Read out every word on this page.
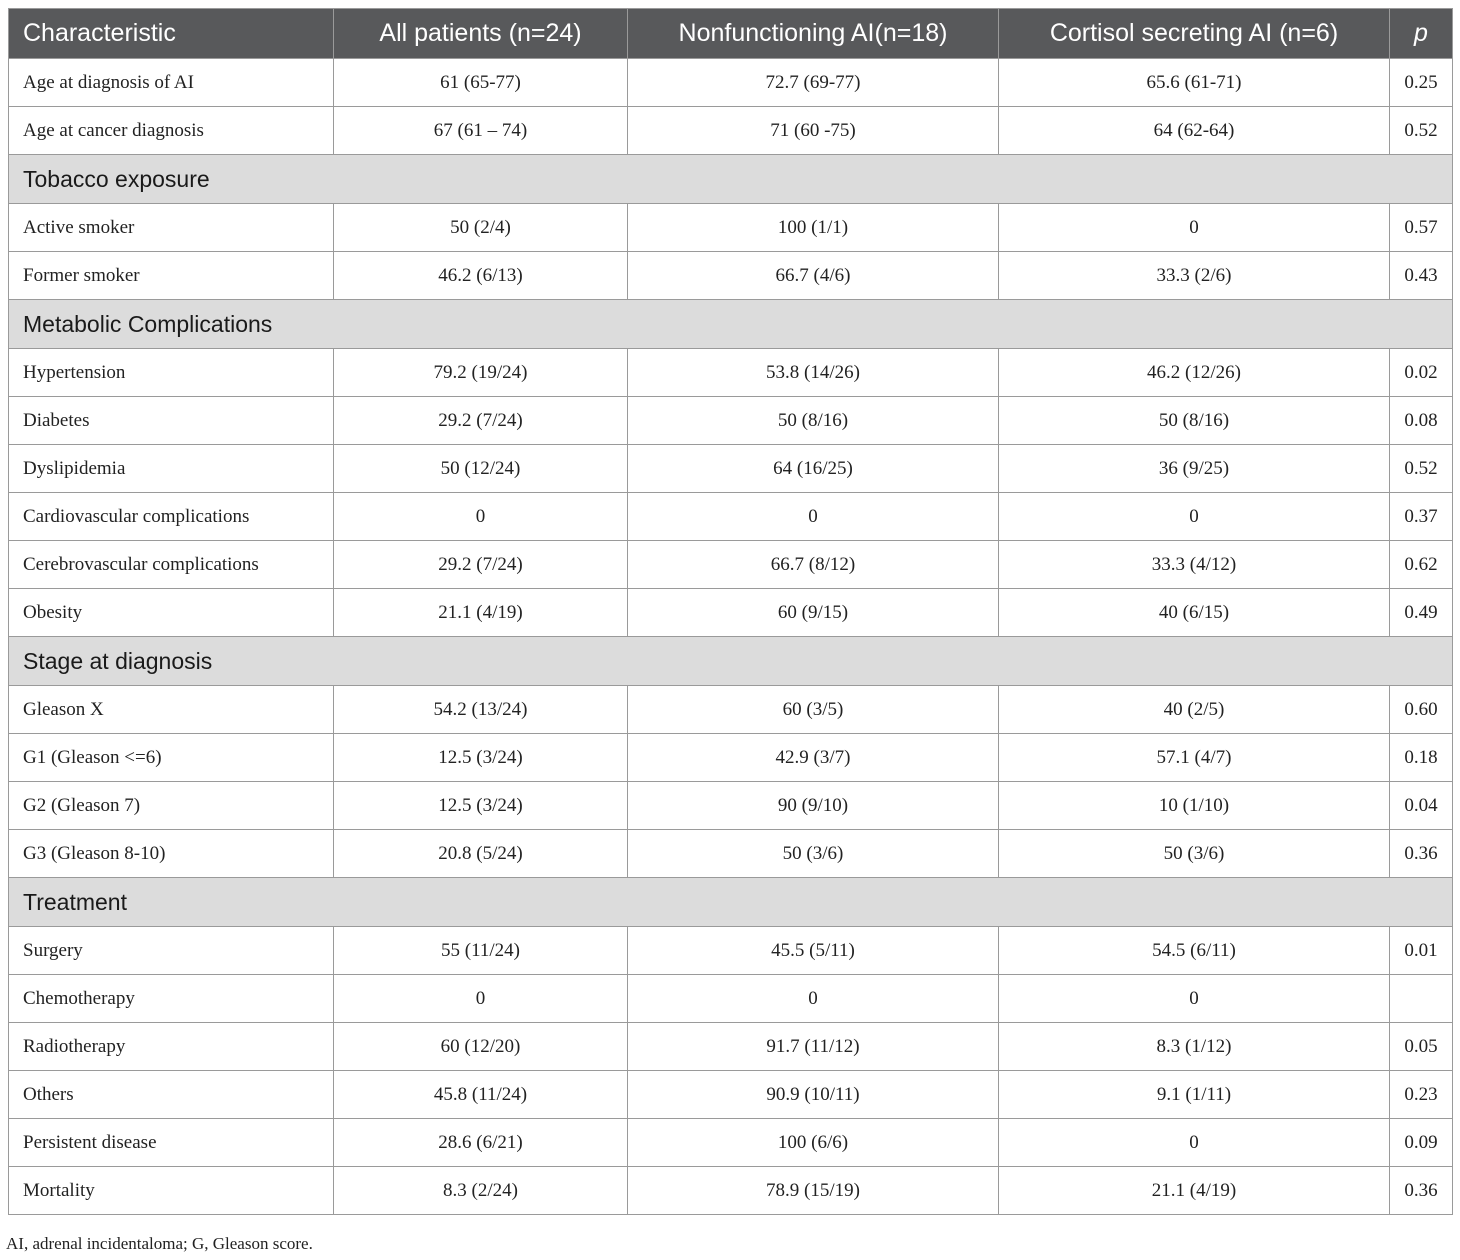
Characteristic	All patients (n=24)	Nonfunctioning AI(n=18)	Cortisol secreting AI (n=6)	p
Age at diagnosis of AI	61 (65-77)	72.7 (69-77)	65.6 (61-71)	0.25
Age at cancer diagnosis	67 (61 – 74)	71 (60 -75)	64 (62-64)	0.52
Tobacco exposure				
Active smoker	50 (2/4)	100 (1/1)	0	0.57
Former smoker	46.2 (6/13)	66.7 (4/6)	33.3 (2/6)	0.43
Metabolic Complications				
Hypertension	79.2 (19/24)	53.8 (14/26)	46.2 (12/26)	0.02
Diabetes	29.2 (7/24)	50 (8/16)	50 (8/16)	0.08
Dyslipidemia	50 (12/24)	64 (16/25)	36 (9/25)	0.52
Cardiovascular complications	0	0	0	0.37
Cerebrovascular complications	29.2 (7/24)	66.7 (8/12)	33.3 (4/12)	0.62
Obesity	21.1 (4/19)	60 (9/15)	40 (6/15)	0.49
Stage at diagnosis				
Gleason X	54.2 (13/24)	60 (3/5)	40 (2/5)	0.60
G1 (Gleason <=6)	12.5 (3/24)	42.9 (3/7)	57.1 (4/7)	0.18
G2 (Gleason 7)	12.5 (3/24)	90 (9/10)	10 (1/10)	0.04
G3 (Gleason 8-10)	20.8 (5/24)	50 (3/6)	50 (3/6)	0.36
Treatment				
Surgery	55 (11/24)	45.5 (5/11)	54.5 (6/11)	0.01
Chemotherapy	0	0	0	
Radiotherapy	60 (12/20)	91.7 (11/12)	8.3 (1/12)	0.05
Others	45.8 (11/24)	90.9 (10/11)	9.1 (1/11)	0.23
Persistent disease	28.6 (6/21)	100 (6/6)	0	0.09
Mortality	8.3 (2/24)	78.9 (15/19)	21.1 (4/19)	0.36
AI, adrenal incidentaloma; G, Gleason score.
